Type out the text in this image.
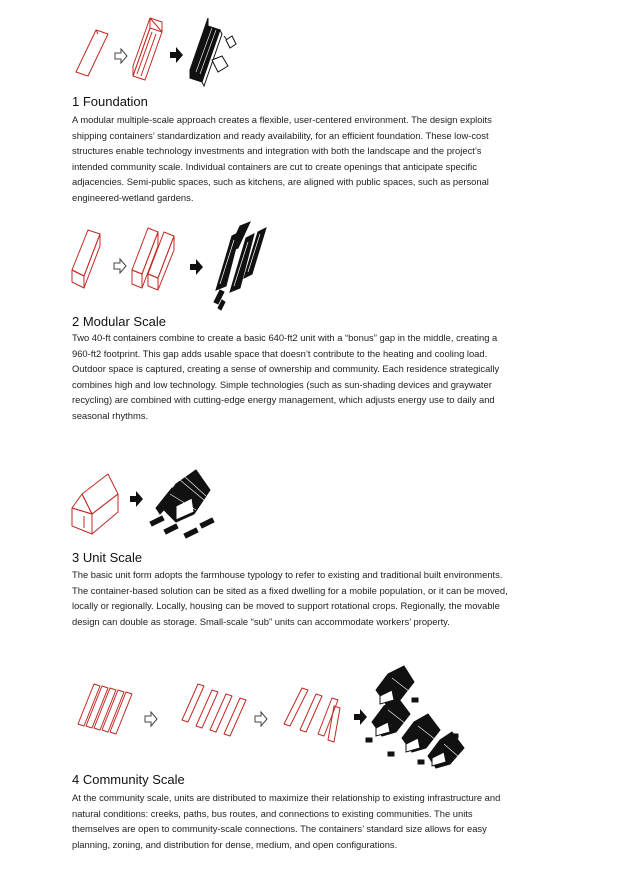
1 Foundation

A modular multiple-scale approach creates a flexible, user-centered environment. The design exploits
shipping containers’ standardization and ready availability, for an efficient foundation. These low-cost
structures enable technology investments and integration with both the landscape and the project’s
intended community scale. Individual containers are cut to create openings that anticipate specific
adjacencies. Semi-public spaces, such as kitchens, are aligned with public spaces, such as personal
engineered-wetland gardens.

2 Modular Scale

Two 40-ft containers combine to create a basic 640-ft2 unit with a “bonus” gap in the middle, creating a
960-ft2 footprint. This gap adds usable space that doesn’t contribute to the heating and cooling load.
Outdoor space is captured, creating a sense of ownership and community. Each residence strategically
combines high and low technology. Simple technologies (such as sun-shading devices and graywater
recycling) are combined with cutting-edge energy management, which adjusts energy use to daily and
seasonal rhythms.

3 Unit Scale

The basic unit form adopts the farmhouse typology to refer to existing and traditional built environments.
The container-based solution can be sited as a fixed dwelling for a mobile population, or it can be moved,
locally or regionally. Locally, housing can be moved to support rotational crops. Regionally, the movable
design can double as storage. Small-scale “sub” units can accommodate workers’ property.

4 Community Scale

At the community scale, units are distributed to maximize their relationship to existing infrastructure and
natural conditions: creeks, paths, bus routes, and connections to existing communities. The units
themselves are open to community-scale connections. The containers’ standard size allows for easy
planning, zoning, and distribution for dense, medium, and open configurations.
